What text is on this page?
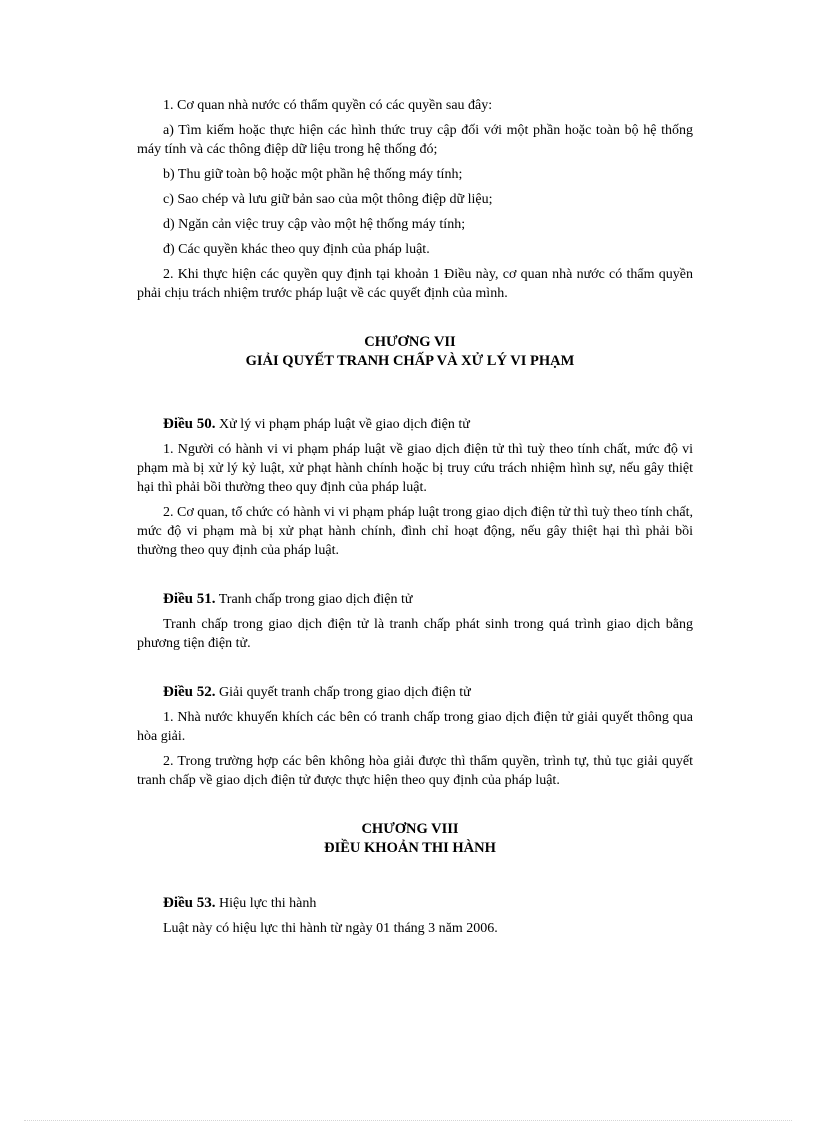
1. Cơ quan nhà nước có thẩm quyền có các quyền sau đây:

a) Tìm kiếm hoặc thực hiện các hình thức truy cập đối với một phần hoặc toàn bộ hệ thống máy tính và các thông điệp dữ liệu trong hệ thống đó;

b) Thu giữ toàn bộ hoặc một phần hệ thống máy tính;

c) Sao chép và lưu giữ bản sao của một thông điệp dữ liệu;

d) Ngăn cản việc truy cập vào một hệ thống máy tính;

đ) Các quyền khác theo quy định của pháp luật.

2. Khi thực hiện các quyền quy định tại khoản 1 Điều này, cơ quan nhà nước có thẩm quyền phải chịu trách nhiệm trước pháp luật về các quyết định của mình.

CHƯƠNG VII
GIẢI QUYẾT TRANH CHẤP VÀ XỬ LÝ VI PHẠM
Điều 50. Xử lý vi phạm pháp luật về giao dịch điện tử

1. Người có hành vi vi phạm pháp luật về giao dịch điện tử thì tuỳ theo tính chất, mức độ vi phạm mà bị xử lý kỷ luật, xử phạt hành chính hoặc bị truy cứu trách nhiệm hình sự, nếu gây thiệt hại thì phải bồi thường theo quy định của pháp luật.

2. Cơ quan, tổ chức có hành vi vi phạm pháp luật trong giao dịch điện tử thì tuỳ theo tính chất, mức độ vi phạm mà bị xử phạt hành chính, đình chỉ hoạt động, nếu gây thiệt hại thì phải bồi thường theo quy định của pháp luật.

Điều 51. Tranh chấp trong giao dịch điện tử

Tranh chấp trong giao dịch điện tử là tranh chấp phát sinh trong quá trình giao dịch bằng phương tiện điện tử.

Điều 52. Giải quyết tranh chấp trong giao dịch điện tử

1. Nhà nước khuyến khích các bên có tranh chấp trong giao dịch điện tử giải quyết thông qua hòa giải.

2. Trong trường hợp các bên không hòa giải được thì thẩm quyền, trình tự, thủ tục giải quyết tranh chấp về giao dịch điện tử được thực hiện theo quy định của pháp luật.

CHƯƠNG VIII
ĐIỀU KHOẢN THI HÀNH
Điều 53. Hiệu lực thi hành

Luật này có hiệu lực thi hành từ ngày 01 tháng 3 năm 2006.
